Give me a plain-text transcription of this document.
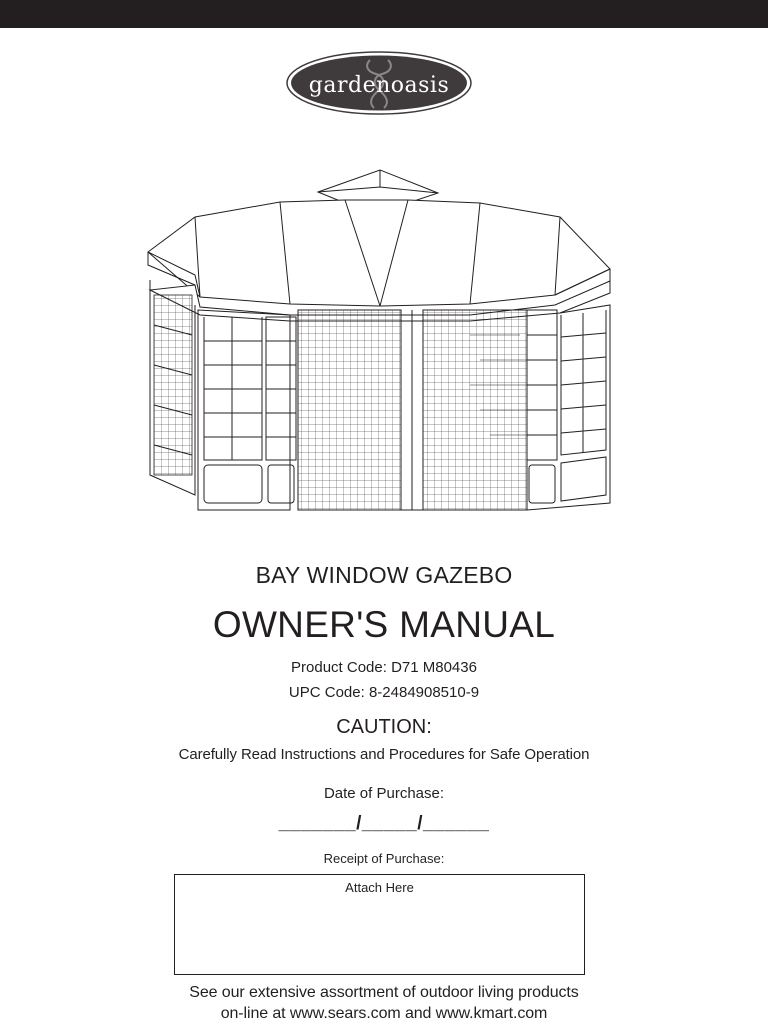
gardenoasis
BAY WINDOW GAZEBO
OWNER'S MANUAL
Product Code: D71 M80436
UPC Code: 8-2484908510-9
CAUTION:
Carefully Read Instructions and Procedures for Safe Operation
Date of Purchase:
_______/_____/______
Receipt of Purchase:
Attach Here
See our extensive assortment of outdoor living products
on-line at www.sears.com and www.kmart.com
